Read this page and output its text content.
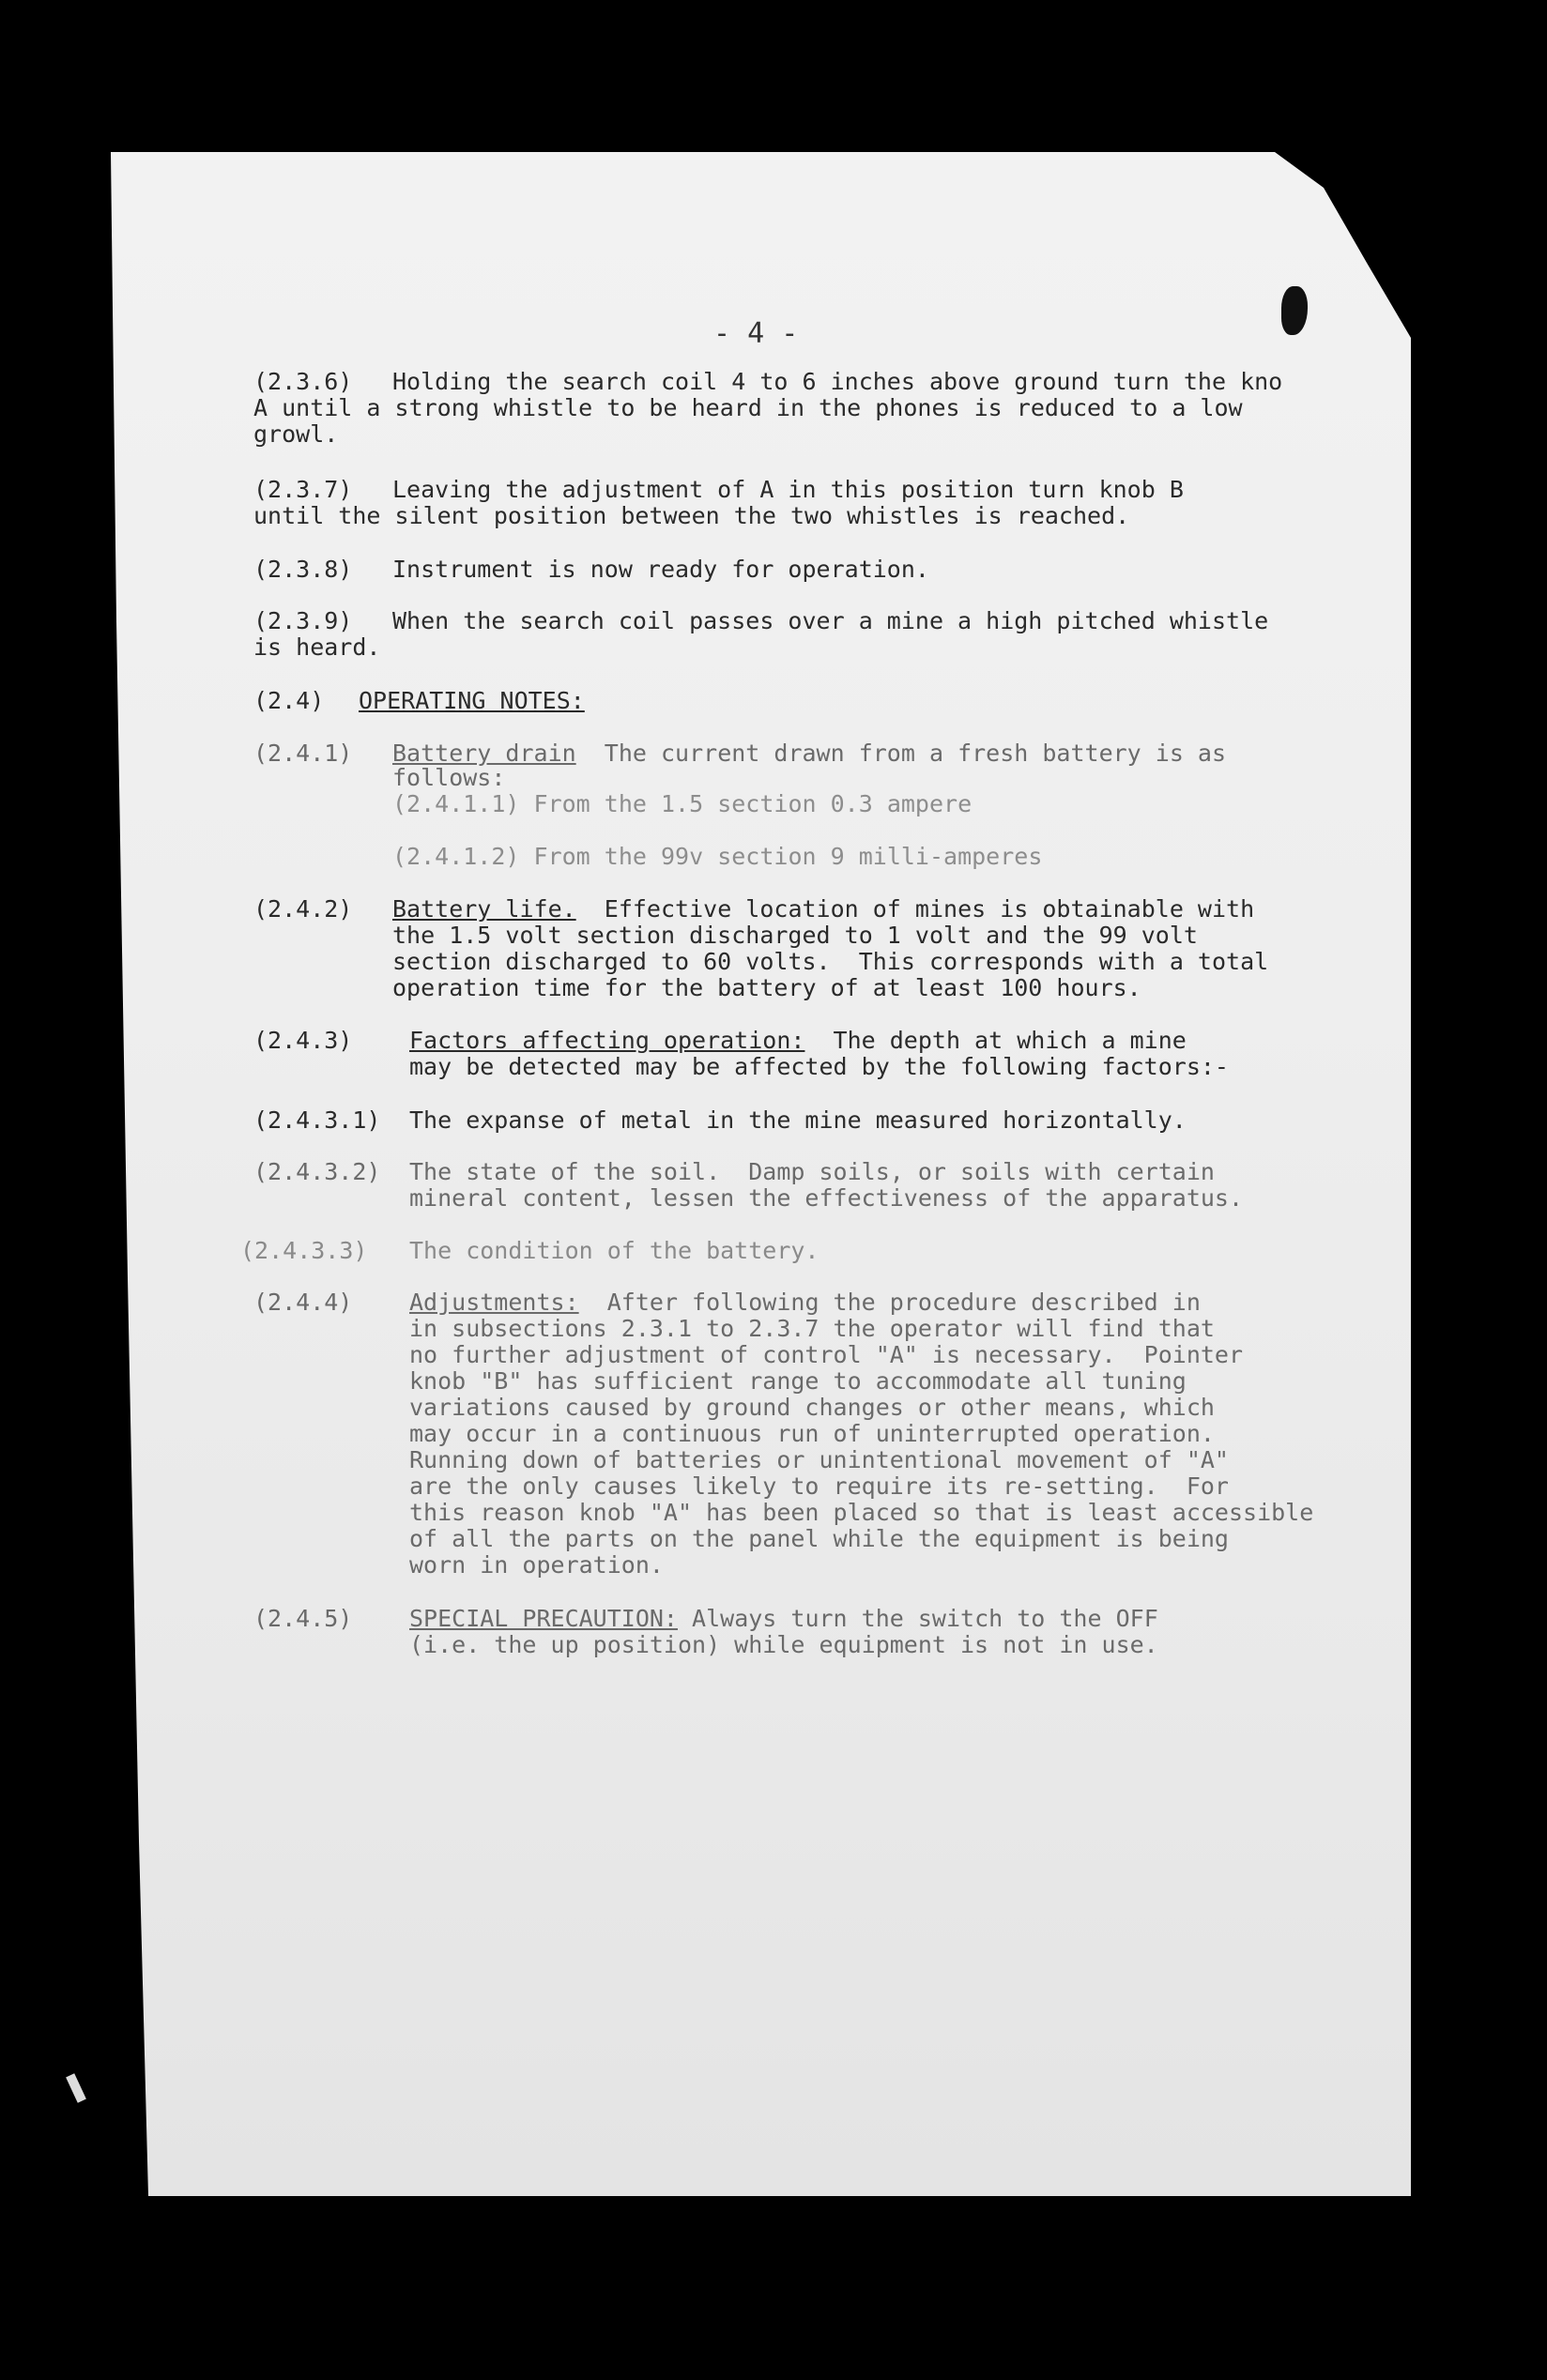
- 4 -
(2.3.6) Holding the search coil 4 to 6 inches above ground turn the kno
A until a strong whistle to be heard in the phones is reduced to a low
growl.
(2.3.7) Leaving the adjustment of A in this position turn knob B
until the silent position between the two whistles is reached.
(2.3.8) Instrument is now ready for operation.
(2.3.9) When the search coil passes over a mine a high pitched whistle
is heard.
(2.4) OPERATING NOTES:
(2.4.1) Battery drain The current drawn from a fresh battery is as
follows:
(2.4.1.1) From the 1.5 section 0.3 ampere
(2.4.1.2) From the 99v section 9 milli-amperes
(2.4.2) Battery life. Effective location of mines is obtainable with
the 1.5 volt section discharged to 1 volt and the 99 volt
section discharged to 60 volts.  This corresponds with a total
operation time for the battery of at least 100 hours.
(2.4.3) Factors affecting operation: The depth at which a mine
may be detected may be affected by the following factors:-
(2.4.3.1) The expanse of metal in the mine measured horizontally.
(2.4.3.2) The state of the soil.  Damp soils, or soils with certain
mineral content, lessen the effectiveness of the apparatus.
(2.4.3.3) The condition of the battery.
(2.4.4) Adjustments: After following the procedure described in
in subsections 2.3.1 to 2.3.7 the operator will find that
no further adjustment of control "A" is necessary.  Pointer
knob "B" has sufficient range to accommodate all tuning
variations caused by ground changes or other means, which
may occur in a continuous run of uninterrupted operation.
Running down of batteries or unintentional movement of "A"
are the only causes likely to require its re-setting.  For
this reason knob "A" has been placed so that is least accessible
of all the parts on the panel while the equipment is being
worn in operation.
(2.4.5) SPECIAL PRECAUTION: Always turn the switch to the OFF
(i.e. the up position) while equipment is not in use.
